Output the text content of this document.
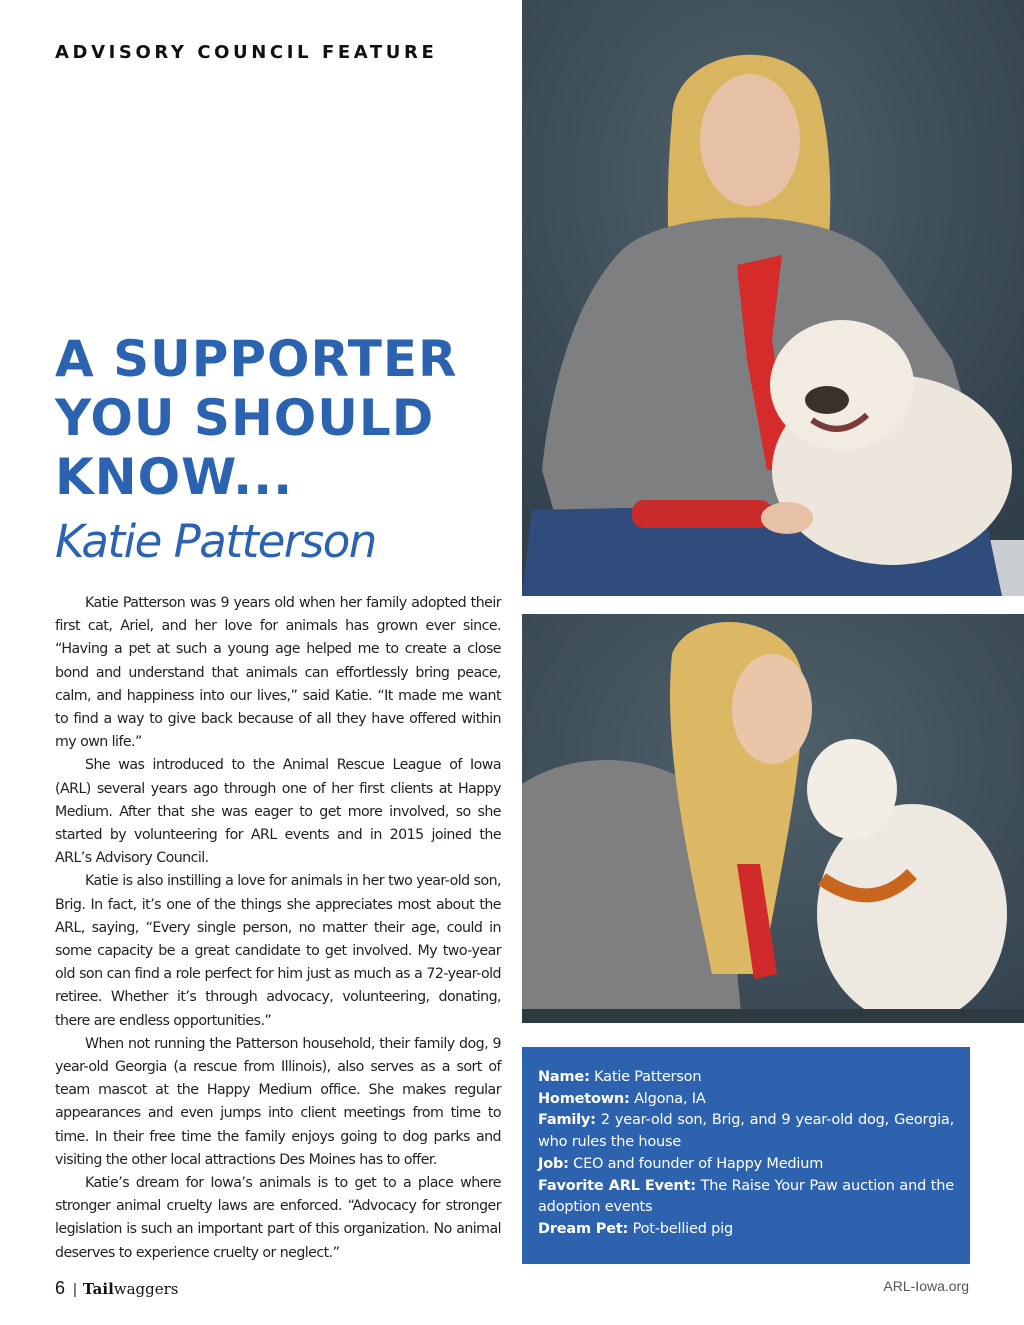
ADVISORY COUNCIL FEATURE
A SUPPORTER
YOU SHOULD
KNOW...
Katie Patterson

Katie Patterson was 9 years old when her family adopted their first cat, Ariel, and her love for animals has grown ever since. “Having a pet at such a young age helped me to create a close bond and understand that animals can effortlessly bring peace, calm, and happiness into our lives,” said Katie. “It made me want to find a way to give back because of all they have offered within my own life.”

She was introduced to the Animal Rescue League of Iowa (ARL) several years ago through one of her first clients at Happy Medium. After that she was eager to get more involved, so she started by volunteering for ARL events and in 2015 joined the ARL’s Advisory Council.

Katie is also instilling a love for animals in her two year-old son, Brig. In fact, it’s one of the things she appreciates most about the ARL, saying, “Every single person, no matter their age, could in some capacity be a great candidate to get involved. My two-year old son can find a role perfect for him just as much as a 72-year-old retiree. Whether it’s through advocacy, volunteering, donating, there are endless opportunities.”

When not running the Patterson household, their family dog, 9 year-old Georgia (a rescue from Illinois), also serves as a sort of team mascot at the Happy Medium office. She makes regular appearances and even jumps into client meetings from time to time. In their free time the family enjoys going to dog parks and visiting the other local attractions Des Moines has to offer.

Katie’s dream for Iowa’s animals is to get to a place where stronger animal cruelty laws are enforced. “Advocacy for stronger legislation is such an important part of this organization. No animal deserves to experience cruelty or neglect.”

Name: Katie Patterson
Hometown: Algona, IA
Family: 2 year-old son, Brig, and 9 year-old dog, Georgia, who rules the house
Job: CEO and founder of Happy Medium
Favorite ARL Event: The Raise Your Paw auction and the adoption events
Dream Pet: Pot-bellied pig
6 | Tailwaggers	ARL-Iowa.org
